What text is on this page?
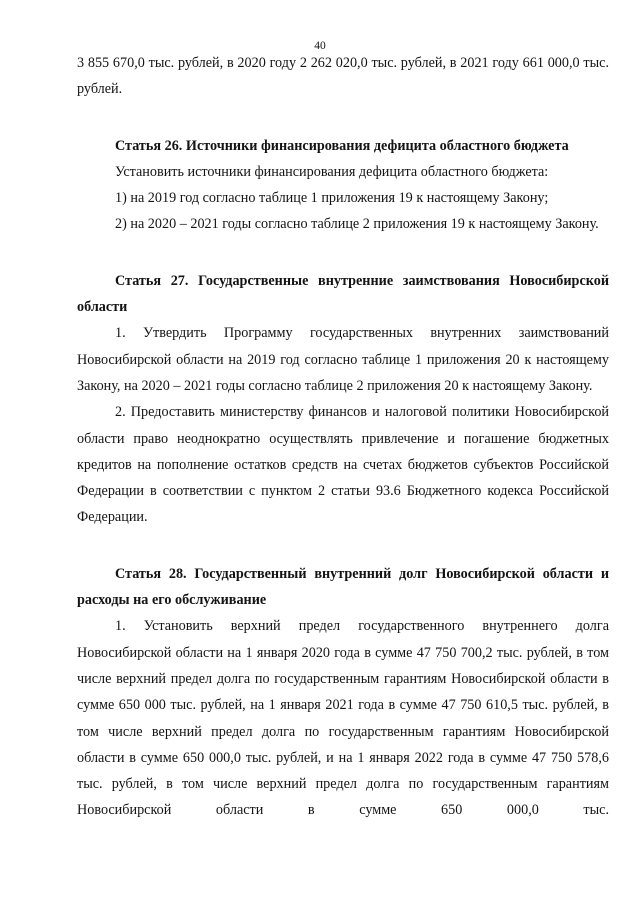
40

3 855 670,0 тыс. рублей, в 2020 году 2 262 020,0 тыс. рублей, в 2021 году 661 000,0 тыс. рублей.

Статья 26. Источники финансирования дефицита областного бюджета

Установить источники финансирования дефицита областного бюджета:

1) на 2019 год согласно таблице 1 приложения 19 к настоящему Закону;

2) на 2020 – 2021 годы согласно таблице 2 приложения 19 к настоящему Закону.

Статья 27. Государственные внутренние заимствования Новосибирской области

1. Утвердить Программу государственных внутренних заимствований Новосибирской области на 2019 год согласно таблице 1 приложения 20 к настоящему Закону, на 2020 – 2021 годы согласно таблице 2 приложения 20 к настоящему Закону.

2. Предоставить министерству финансов и налоговой политики Новосибирской области право неоднократно осуществлять привлечение и погашение бюджетных кредитов на пополнение остатков средств на счетах бюджетов субъектов Российской Федерации в соответствии с пунктом 2 статьи 93.6 Бюджетного кодекса Российской Федерации.

Статья 28. Государственный внутренний долг Новосибирской области и расходы на его обслуживание

1. Установить верхний предел государственного внутреннего долга Новосибирской области на 1 января 2020 года в сумме 47 750 700,2 тыс. рублей, в том числе верхний предел долга по государственным гарантиям Новосибирской области в сумме 650 000 тыс. рублей, на 1 января 2021 года в сумме 47 750 610,5 тыс. рублей, в том числе верхний предел долга по государственным гарантиям Новосибирской области в сумме 650 000,0 тыс. рублей, и на 1 января 2022 года в сумме 47 750 578,6 тыс. рублей, в том числе верхний предел долга по государственным гарантиям Новосибирской области в сумме 650 000,0 тыс.
